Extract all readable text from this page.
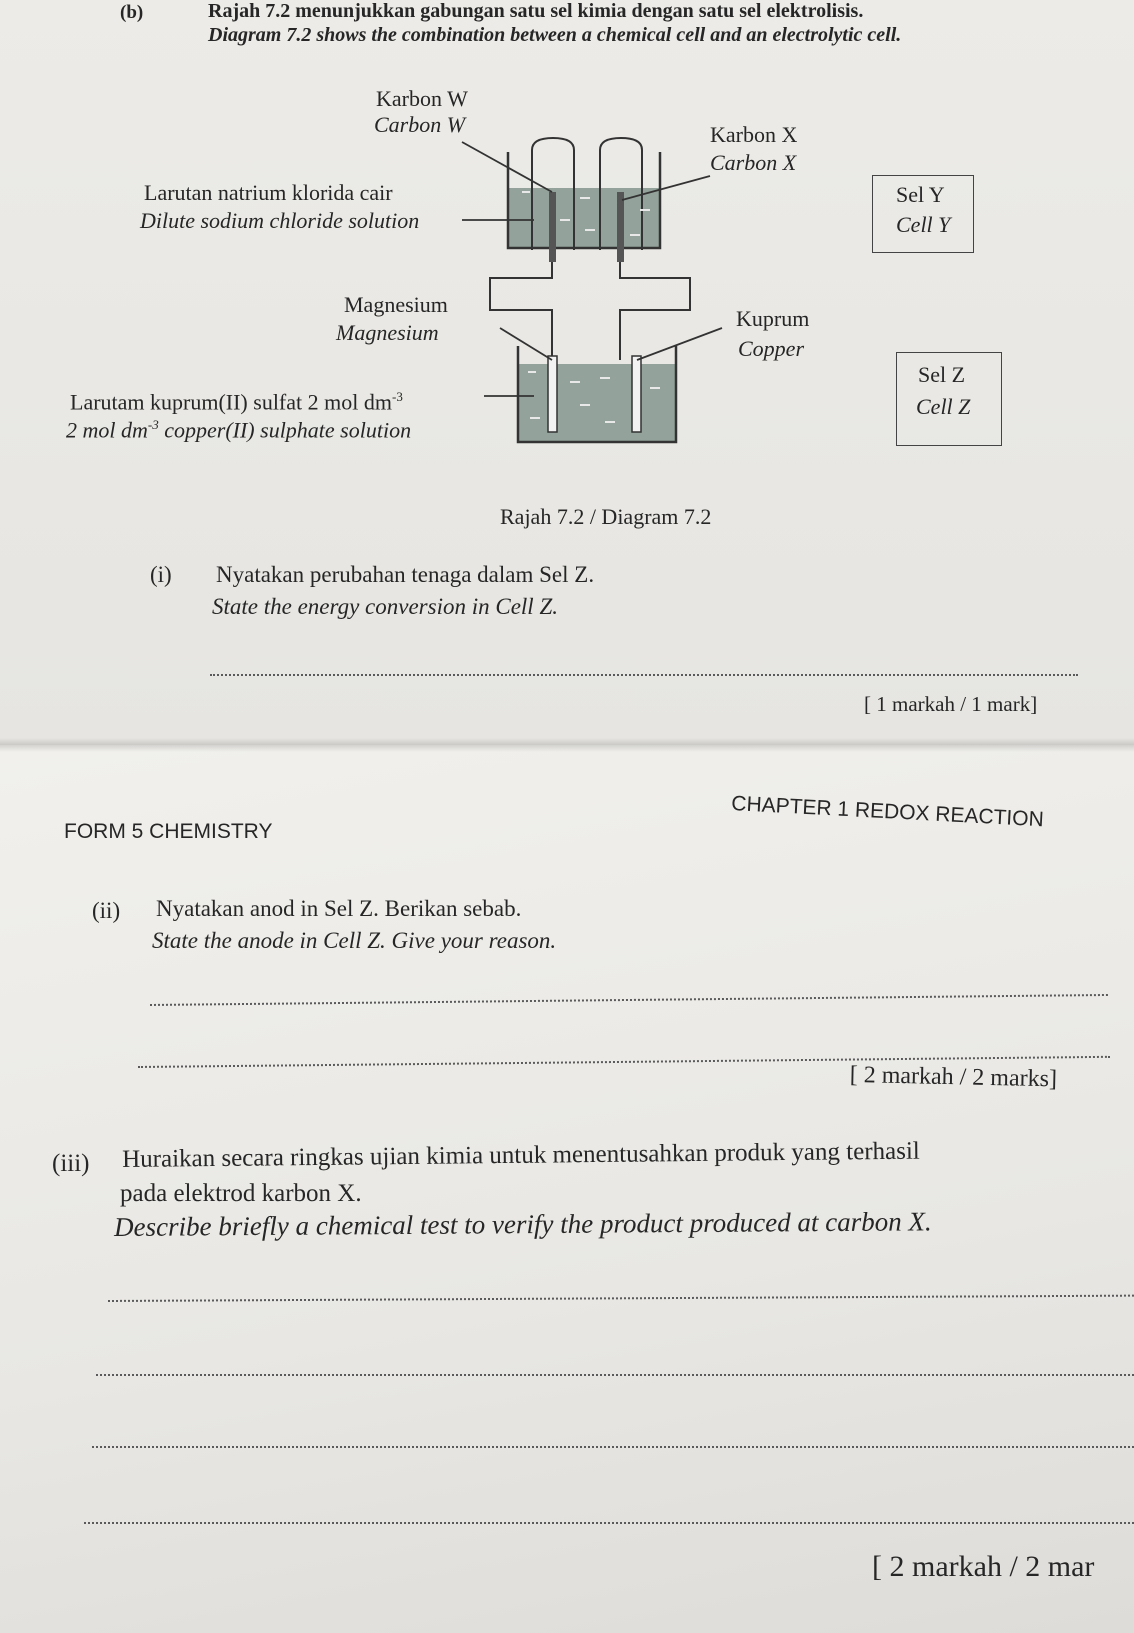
(b)	Rajah 7.2 menunjukkan gabungan satu sel kimia dengan satu sel elektrolisis.
Diagram 7.2 shows the combination between a chemical cell and an electrolytic cell.
Karbon W
Carbon W	Karbon X
Carbon X
Larutan natrium klorida cair
Dilute sodium chloride solution
Magnesium
Magnesium
Kuprum
Copper
Larutam kuprum(II) sulfat 2 mol $dm^{-3}$
2 mol $dm^{-3}$ copper(II) sulphate solution
Sel Y
Cell Y
Sel Z
Cell Z
Rajah 7.2 / Diagram 7.2
(i) Nyatakan perubahan tenaga dalam Sel Z.
State the energy conversion in Cell Z.
[ 1 markah / 1 mark]
CHAPTER 1 REDOX REACTION
FORM 5 CHEMISTRY
(ii) Nyatakan anod in Sel Z. Berikan sebab.
State the anode in Cell Z. Give your reason.
[ 2 markah / 2 marks]
(iii) Huraikan secara ringkas ujian kimia untuk menentusahkan produk yang terhasil
pada elektrod karbon X.
Describe briefly a chemical test to verify the product produced at carbon X.
[ 2 markah / 2 mar
